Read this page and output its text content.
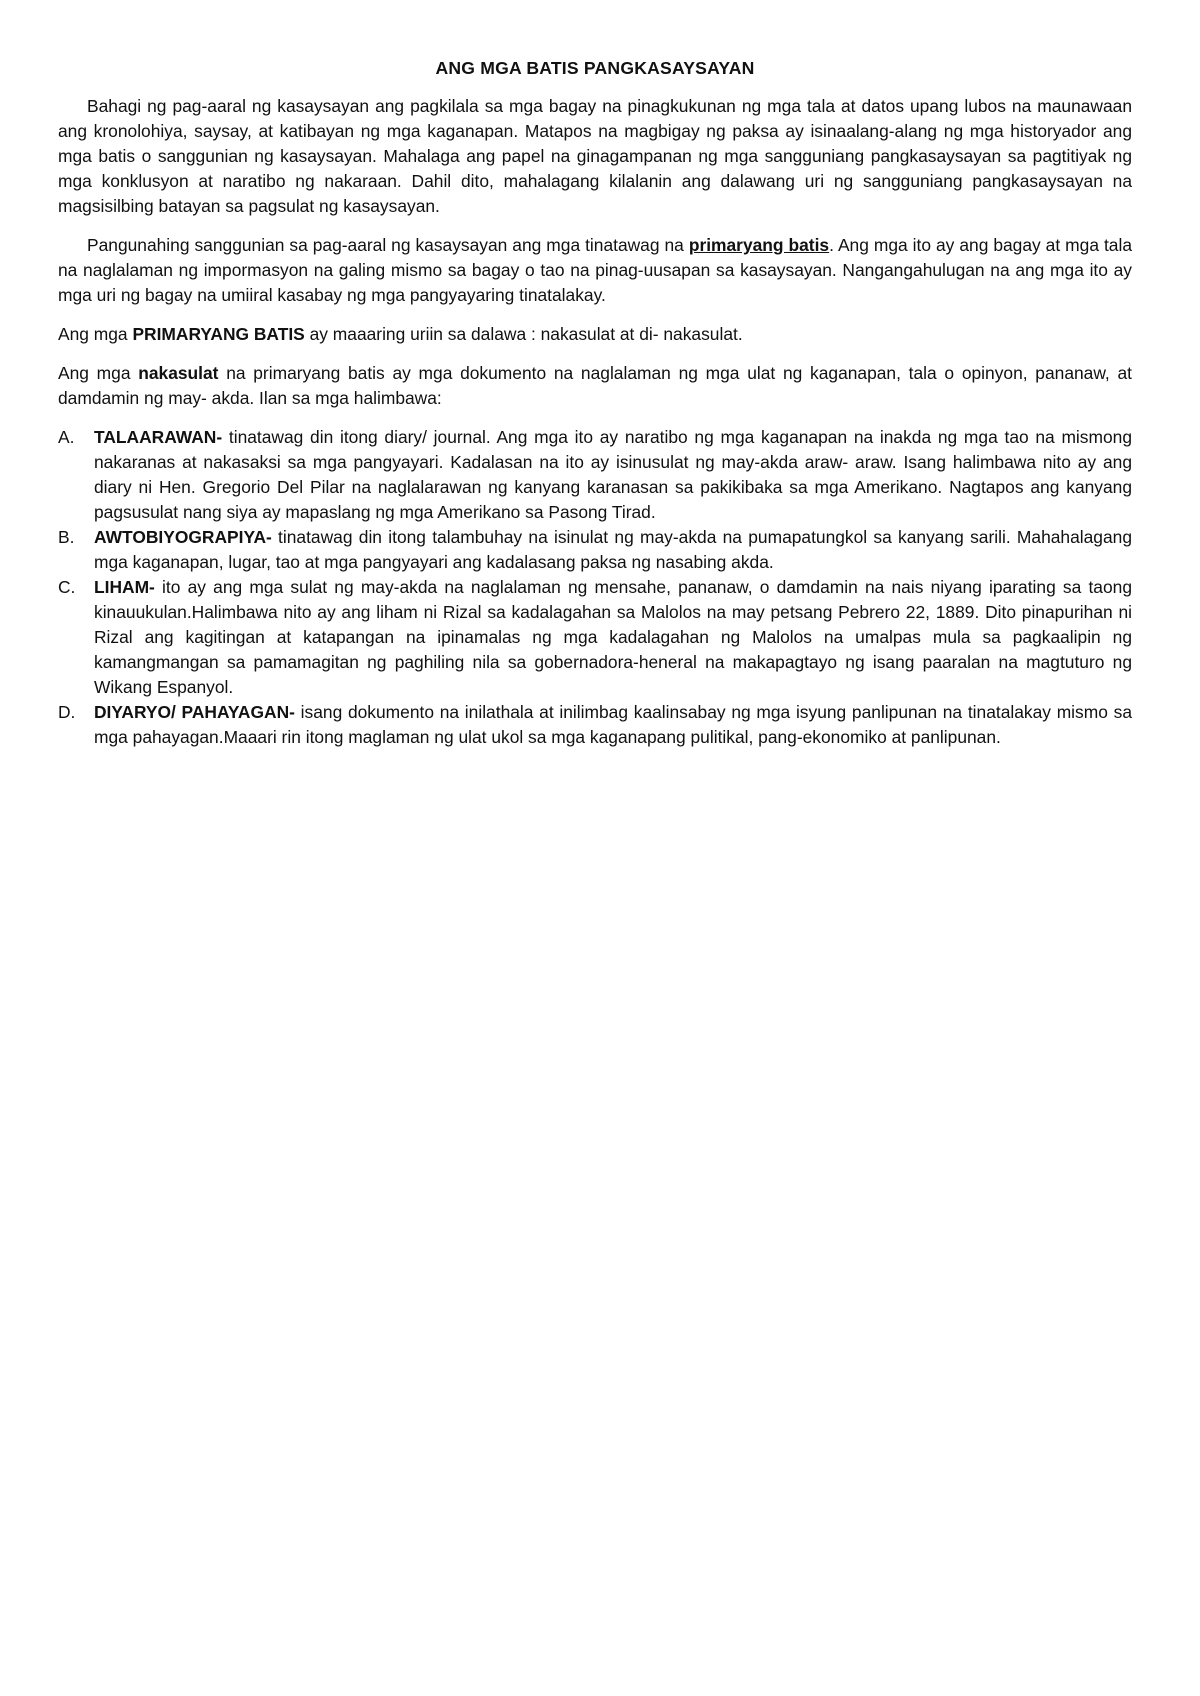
ANG MGA BATIS PANGKASAYSAYAN

Bahagi ng pag-aaral ng kasaysayan ang pagkilala sa mga bagay na pinagkukunan ng mga tala at datos upang lubos na maunawaan ang kronolohiya, saysay, at katibayan ng mga kaganapan. Matapos na magbigay ng paksa ay isinaalang-alang ng mga historyador ang mga batis o sanggunian ng kasaysayan. Mahalaga ang papel na ginagampanan ng mga sangguniang pangkasaysayan sa pagtitiyak ng mga konklusyon at naratibo ng nakaraan. Dahil dito, mahalagang kilalanin ang dalawang uri ng sangguniang pangkasaysayan na magsisilbing batayan sa pagsulat ng kasaysayan.

Pangunahing sanggunian sa pag-aaral ng kasaysayan ang mga tinatawag na primaryang batis. Ang mga ito ay ang bagay at mga tala na naglalaman ng impormasyon na galing mismo sa bagay o tao na pinag-uusapan sa kasaysayan. Nangangahulugan na ang mga ito ay mga uri ng bagay na umiiral kasabay ng mga pangyayaring tinatalakay.

Ang mga PRIMARYANG BATIS ay maaaring uriin sa dalawa : nakasulat at di- nakasulat.

Ang mga nakasulat na primaryang batis ay mga dokumento na naglalaman ng mga ulat ng kaganapan, tala o opinyon, pananaw, at damdamin ng may- akda. Ilan sa mga halimbawa:

A. TALAARAWAN- tinatawag din itong diary/ journal. Ang mga ito ay naratibo ng mga kaganapan na inakda ng mga tao na mismong nakaranas at nakasaksi sa mga pangyayari. Kadalasan na ito ay isinusulat ng may-akda araw- araw. Isang halimbawa nito ay ang diary ni Hen. Gregorio Del Pilar na naglalarawan ng kanyang karanasan sa pakikibaka sa mga Amerikano. Nagtapos ang kanyang pagsusulat nang siya ay mapaslang ng mga Amerikano sa Pasong Tirad.
B. AWTOBIYOGRAPIYA- tinatawag din itong talambuhay na isinulat ng may-akda na pumapatungkol sa kanyang sarili. Mahahalagang mga kaganapan, lugar, tao at mga pangyayari ang kadalasang paksa ng nasabing akda.
C. LIHAM- ito ay ang mga sulat ng may-akda na naglalaman ng mensahe, pananaw, o damdamin na nais niyang iparating sa taong kinauukulan.Halimbawa nito ay ang liham ni Rizal sa kadalagahan sa Malolos na may petsang Pebrero 22, 1889. Dito pinapurihan ni Rizal ang kagitingan at katapangan na ipinamalas ng mga kadalagahan ng Malolos na umalpas mula sa pagkaalipin ng kamangmangan sa pamamagitan ng paghiling nila sa gobernadora-heneral na makapagtayo ng isang paaralan na magtuturo ng Wikang Espanyol.
D. DIYARYO/ PAHAYAGAN- isang dokumento na inilathala at inilimbag kaalinsabay ng mga isyung panlipunan na tinatalakay mismo sa mga pahayagan.Maaari rin itong maglaman ng ulat ukol sa mga kaganapang pulitikal, pang-ekonomiko at panlipunan.
